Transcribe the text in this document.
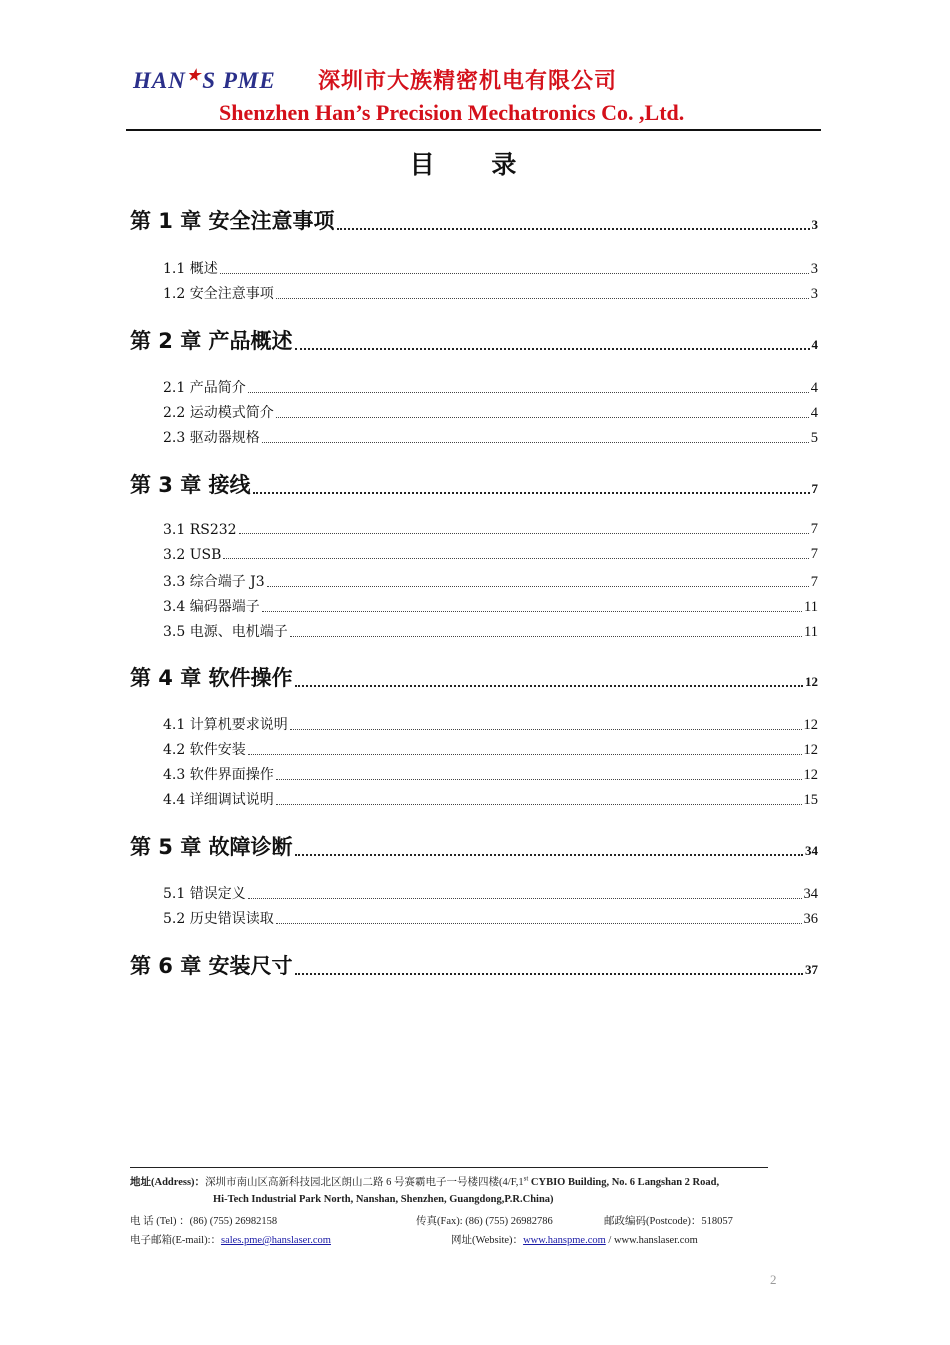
HAN★S PME 深圳市大族精密机电有限公司
Shenzhen Han’s Precision Mechatronics Co. ,Ltd.
目 录
第 1 章 安全注意事项	3
1.1 概述	3
1.2 安全注意事项	3
第 2 章 产品概述	4
2.1 产品简介	4
2.2 运动模式简介	4
2.3 驱动器规格	5
第 3 章 接线	7
3.1 RS232	7
3.2 USB	7
3.3 综合端子 J3	7
3.4 编码器端子	11
3.5 电源、电机端子	11
第 4 章 软件操作	12
4.1 计算机要求说明	12
4.2 软件安装	12
4.3 软件界面操作	12
4.4 详细调试说明	15
第 5 章 故障诊断	34
5.1 错误定义	34
5.2 历史错误读取	36
第 6 章 安装尺寸	37
地址(Address)：深圳市南山区高新科技园北区朗山二路 6 号赛霸电子一号楼四楼(4/F,1st CYBIO Building, No. 6 Langshan 2 Road,
Hi-Tech Industrial Park North, Nanshan, Shenzhen, Guangdong,P.R.China)
电 话 (Tel) ：(86) (755) 26982158	传真(Fax): (86) (755) 26982786	邮政编码(Postcode)：518057
电子邮箱(E-mail):：sales.pme@hanslaser.com	网址(Website)：www.hanspme.com / www.hanslaser.com
2
